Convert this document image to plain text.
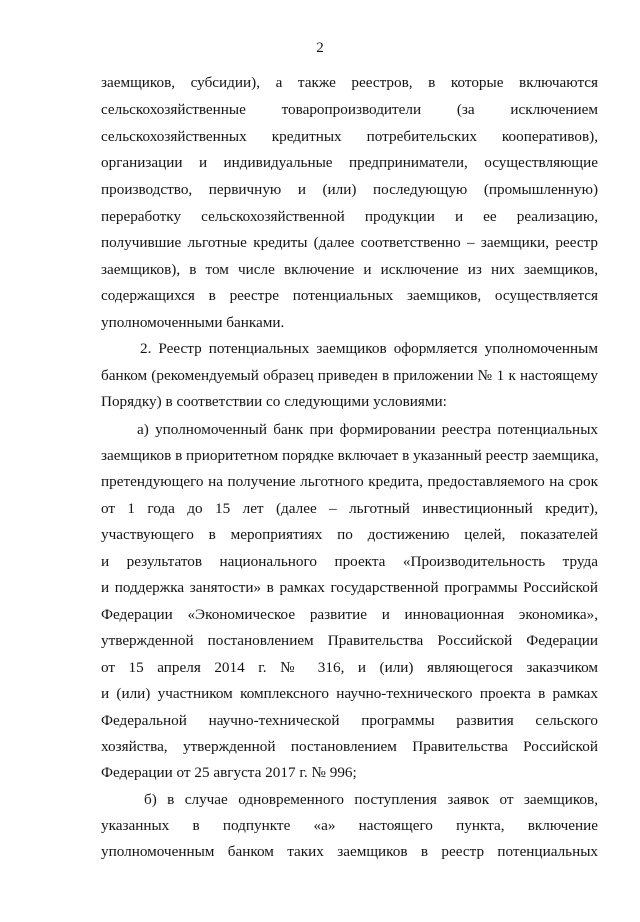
2
заемщиков, субсидии), а также реестров, в которые включаются
сельскохозяйственные товаропроизводители (за исключением
сельскохозяйственных кредитных потребительских кооперативов),
организации и индивидуальные предприниматели, осуществляющие
производство, первичную и (или) последующую (промышленную)
переработку сельскохозяйственной продукции и ее реализацию,
получившие льготные кредиты (далее соответственно – заемщики, реестр
заемщиков), в том числе включение и исключение из них заемщиков,
содержащихся в реестре потенциальных заемщиков, осуществляется
уполномоченными банками.
2. Реестр потенциальных заемщиков оформляется уполномоченным
банком (рекомендуемый образец приведен в приложении № 1 к настоящему
Порядку) в соответствии со следующими условиями:
а) уполномоченный банк при формировании реестра потенциальных
заемщиков в приоритетном порядке включает в указанный реестр заемщика,
претендующего на получение льготного кредита, предоставляемого на срок
от 1 года до 15 лет (далее – льготный инвестиционный кредит),
участвующего в мероприятиях по достижению целей, показателей
и результатов национального проекта «Производительность труда
и поддержка занятости» в рамках государственной программы Российской
Федерации «Экономическое развитие и инновационная экономика»,
утвержденной постановлением Правительства Российской Федерации
от 15 апреля 2014 г. № 316, и (или) являющегося заказчиком
и (или) участником комплексного научно-технического проекта в рамках
Федеральной научно-технической программы развития сельского
хозяйства, утвержденной постановлением Правительства Российской
Федерации от 25 августа 2017 г. № 996;
б) в случае одновременного поступления заявок от заемщиков,
указанных в подпункте «а» настоящего пункта, включение
уполномоченным банком таких заемщиков в реестр потенциальных
